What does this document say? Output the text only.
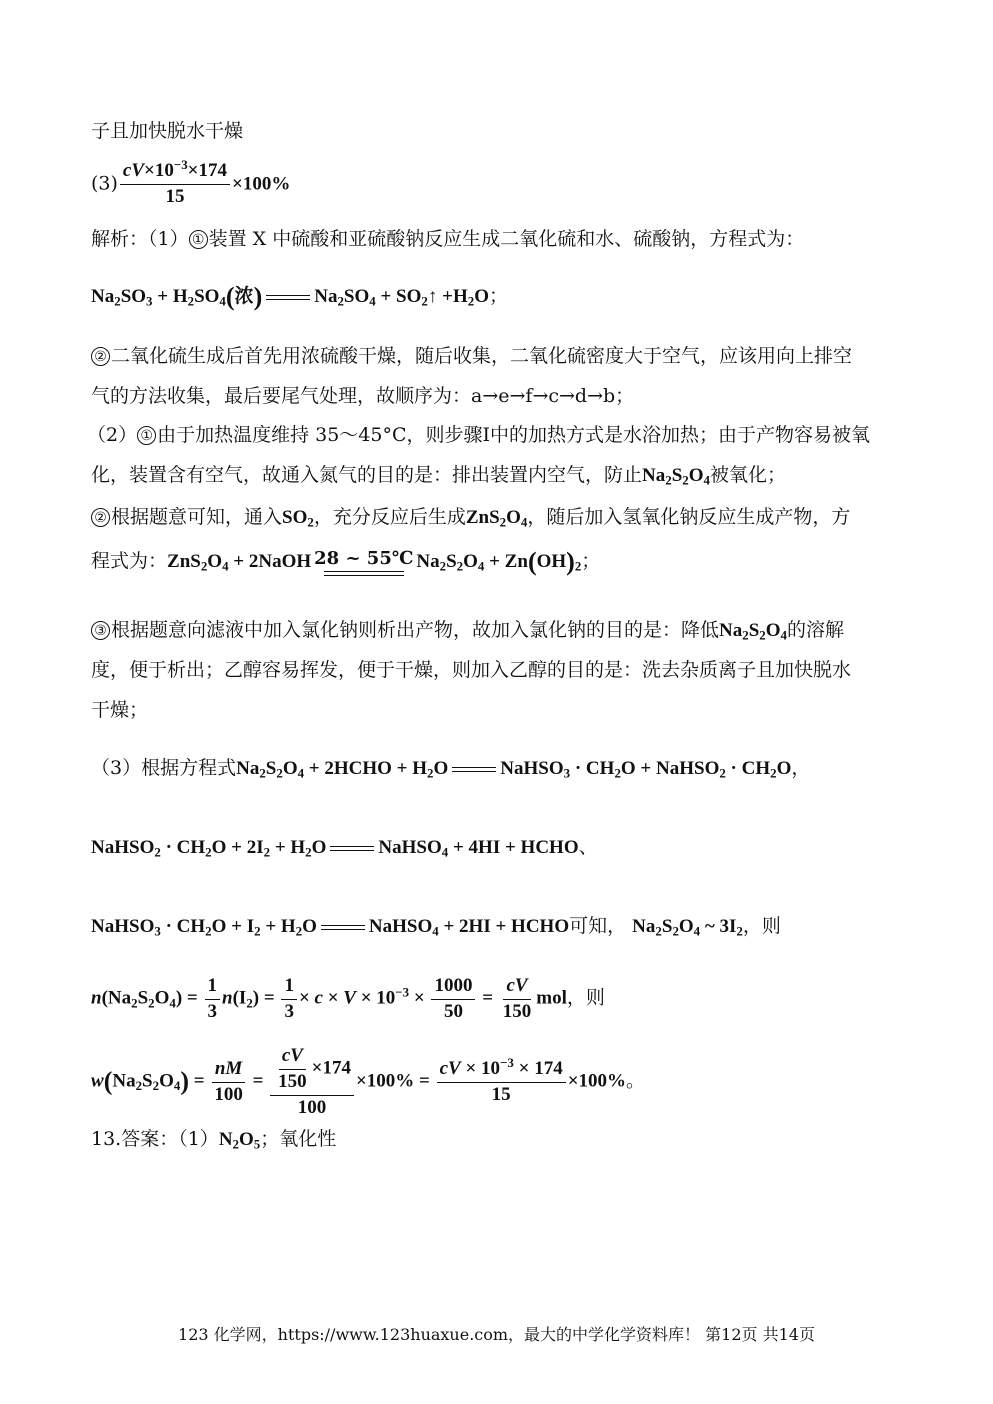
子且加快脱水干燥
$(3) \frac{cV\times 10^{-3}\times 174}{15} \times 100\%$
解析：（1） ① 装置 X 中硫酸和亚硫酸钠反应生成二氧化硫和水、硫酸钠，方程式为：
$Na_2SO_3 + H_2SO_4$(浓)	$Na_2SO_4$ + $SO_2↑ +H_2O$；
② 二氧化硫生成后首先用浓硫酸干燥，随后收集，二氧化硫密度大于空气，应该用向上排空
气的方法收集，最后要尾气处理，故顺序为：a→e→f→c→d→b；
（2） ① 由于加热温度维持 35～45°C，则步骤Ⅰ中的加热方式是水浴加热；由于产物容易被氧
化，装置含有空气，故通入氮气的目的是：排出装置内空气，防止$Na_2S_2O_4$被氧化；
② 根据题意可知，通入$SO_2$，充分反应后生成$ZnS_2O_4$，随后加入氢氧化钠反应生成产物，方
程式为：$ZnS_2O_4$ + 2NaOH 28 ~ 55℃ $Na_2S_2O_4 + Zn(OH)_2$；
③ 根据题意向滤液中加入氯化钠则析出产物，故加入氯化钠的目的是：降低$Na_2S_2O_4$的溶解
度，便于析出；乙醇容易挥发，便于干燥，则加入乙醇的目的是：洗去杂质离子且加快脱水
干燥；
（3）根据方程式$Na_2S_2O_4$ + 2HCHO + $H_2O$	NaHSO$_3$ · $CH_2O$ + NaHSO$_2$ · $CH_2O$，
NaHSO$_2$ · $CH_2O + 2I_2 + H_2O$	NaHSO$_4$ + 4HI + HCHO、
NaHSO$_3$ · $CH_2O + I_2 + H_2O$	NaHSO$_4$ + 2HI + HCHO可知， $Na_2S_2O_4$ ~ $3I_2$，则
$n(Na_2S_2O_4) = \frac{1}{3} n(I_2) = \frac{1}{3} \times c \times V \times 10^{-3} \times \frac{1000}{50} = \frac{cV}{150}$ mol，则
$w(Na_2S_2O_4) = \frac{nM}{100} = \frac{\frac{cV}{150} \times 174}{100} \times 100\% = \frac{cV \times 10^{-3} \times 174}{15} \times 100\%$。
13.答案：$(1)N_2O_5$；氧化性
123 化学网，https://www.123huaxue.com，最大的中学化学资料库！ 第12页 共14页
